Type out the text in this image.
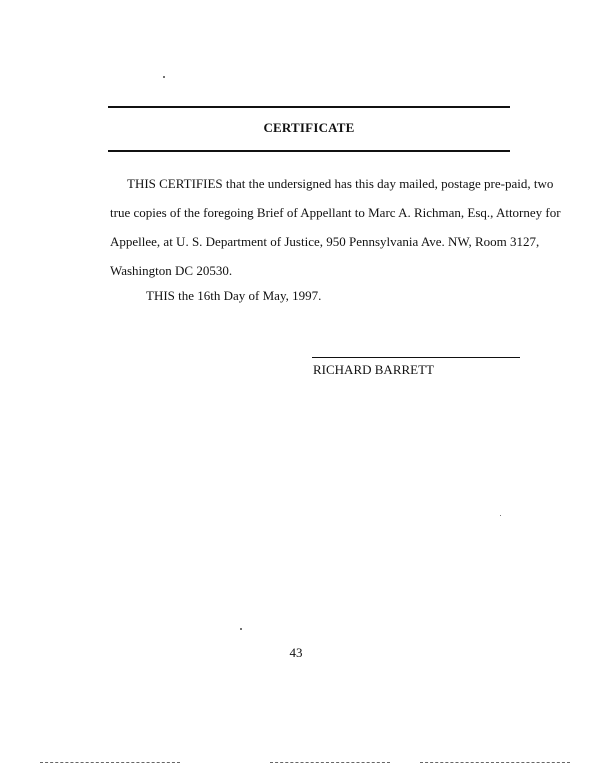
CERTIFICATE
THIS CERTIFIES that the undersigned has this day mailed, postage pre-paid, two
true copies of the foregoing Brief of Appellant to Marc A. Richman, Esq., Attorney for
Appellee, at U. S. Department of Justice, 950 Pennsylvania Ave. NW, Room 3127,
Washington DC 20530.
THIS the 16th Day of May, 1997.
RICHARD BARRETT
43
